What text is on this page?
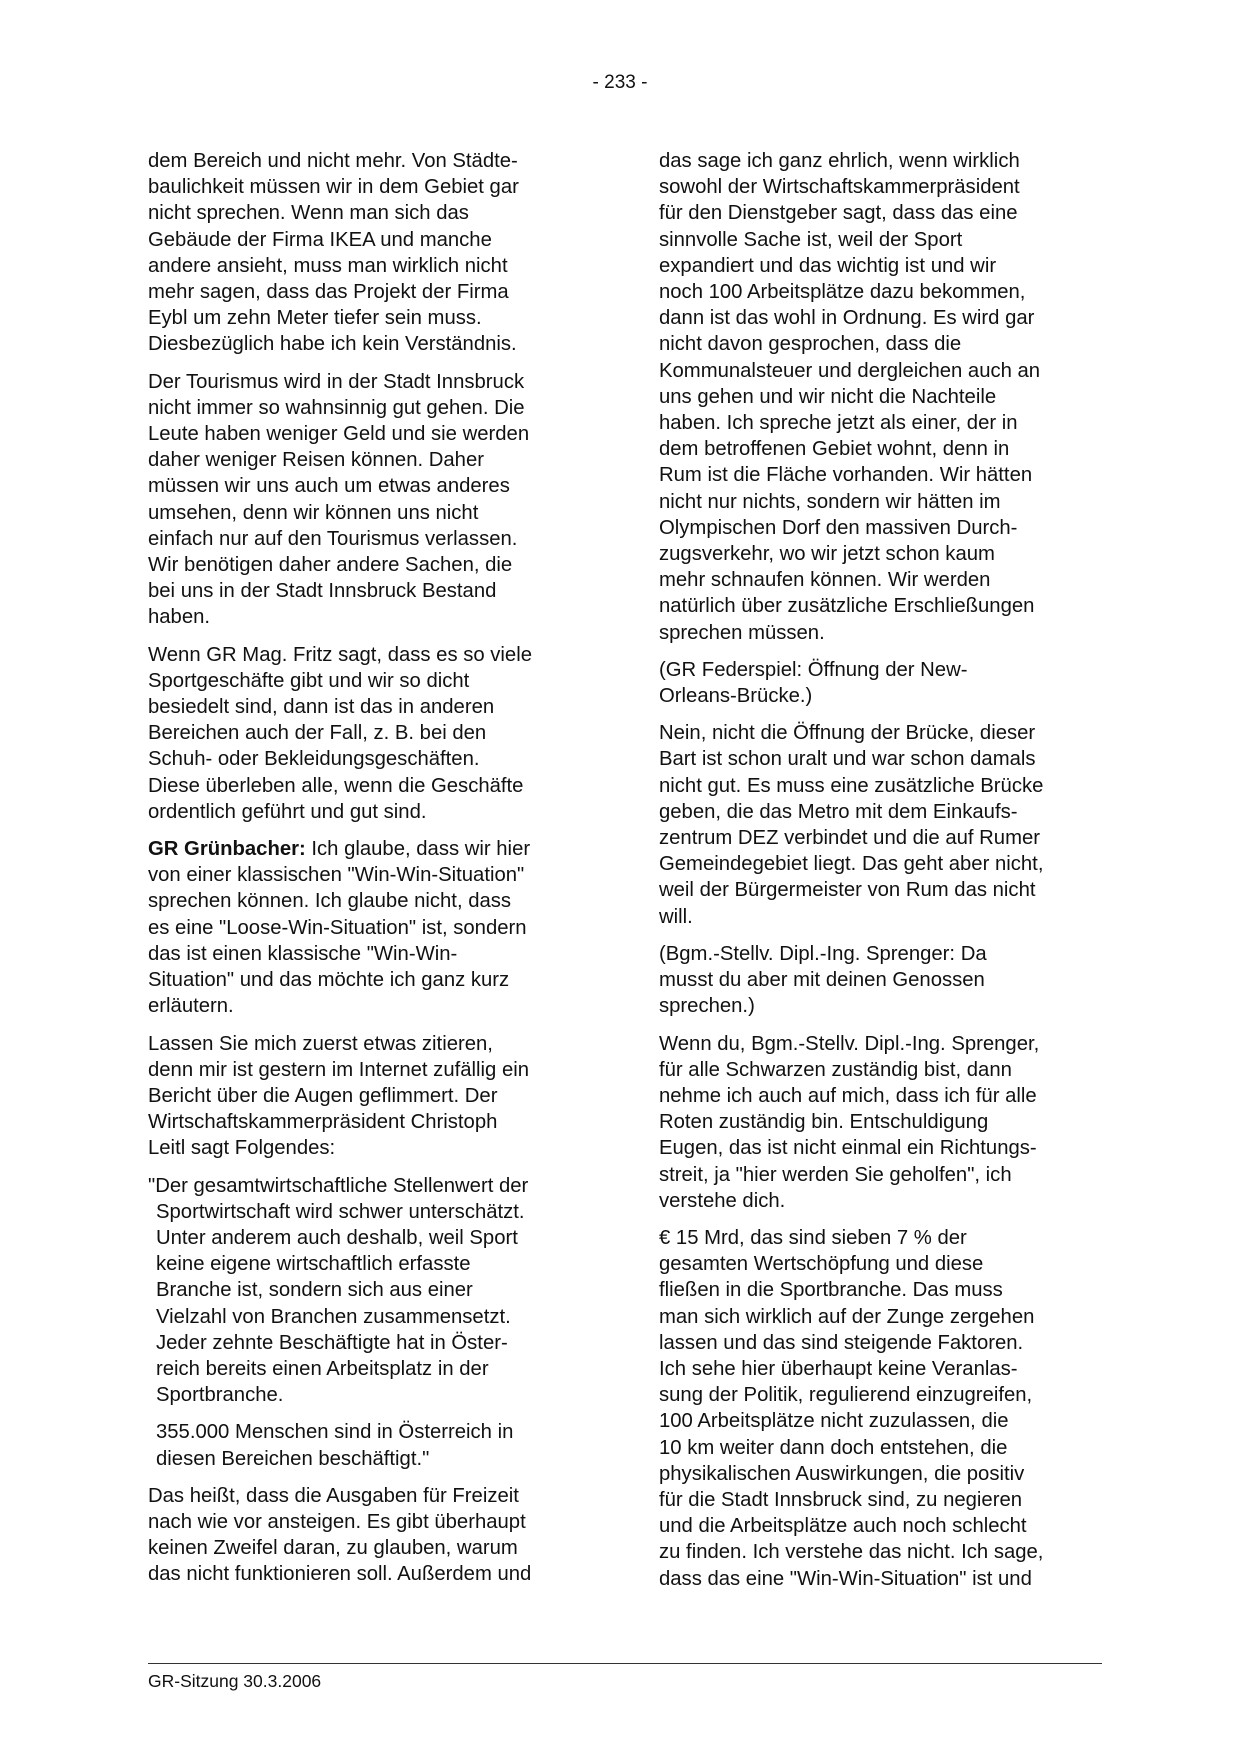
- 233 -

dem Bereich und nicht mehr. Von Städte-
baulichkeit müssen wir in dem Gebiet gar
nicht sprechen. Wenn man sich das
Gebäude der Firma IKEA und manche
andere ansieht, muss man wirklich nicht
mehr sagen, dass das Projekt der Firma
Eybl um zehn Meter tiefer sein muss.
Diesbezüglich habe ich kein Verständnis.

Der Tourismus wird in der Stadt Innsbruck
nicht immer so wahnsinnig gut gehen. Die
Leute haben weniger Geld und sie werden
daher weniger Reisen können. Daher
müssen wir uns auch um etwas anderes
umsehen, denn wir können uns nicht
einfach nur auf den Tourismus verlassen.
Wir benötigen daher andere Sachen, die
bei uns in der Stadt Innsbruck Bestand
haben.

Wenn GR Mag. Fritz sagt, dass es so viele
Sportgeschäfte gibt und wir so dicht
besiedelt sind, dann ist das in anderen
Bereichen auch der Fall, z. B. bei den
Schuh- oder Bekleidungsgeschäften.
Diese überleben alle, wenn die Geschäfte
ordentlich geführt und gut sind.

GR Grünbacher: Ich glaube, dass wir hier
von einer klassischen "Win-Win-Situation"
sprechen können. Ich glaube nicht, dass
es eine "Loose-Win-Situation" ist, sondern
das ist einen klassische "Win-Win-
Situation" und das möchte ich ganz kurz
erläutern.

Lassen Sie mich zuerst etwas zitieren,
denn mir ist gestern im Internet zufällig ein
Bericht über die Augen geflimmert. Der
Wirtschaftskammerpräsident Christoph
Leitl sagt Folgendes:

"Der gesamtwirtschaftliche Stellenwert der
Sportwirtschaft wird schwer unterschätzt.
Unter anderem auch deshalb, weil Sport
keine eigene wirtschaftlich erfasste
Branche ist, sondern sich aus einer
Vielzahl von Branchen zusammensetzt.
Jeder zehnte Beschäftigte hat in Öster-
reich bereits einen Arbeitsplatz in der
Sportbranche.

355.000 Menschen sind in Österreich in
diesen Bereichen beschäftigt."

Das heißt, dass die Ausgaben für Freizeit
nach wie vor ansteigen. Es gibt überhaupt
keinen Zweifel daran, zu glauben, warum
das nicht funktionieren soll. Außerdem und

das sage ich ganz ehrlich, wenn wirklich
sowohl der Wirtschaftskammerpräsident
für den Dienstgeber sagt, dass das eine
sinnvolle Sache ist, weil der Sport
expandiert und das wichtig ist und wir
noch 100 Arbeitsplätze dazu bekommen,
dann ist das wohl in Ordnung. Es wird gar
nicht davon gesprochen, dass die
Kommunalsteuer und dergleichen auch an
uns gehen und wir nicht die Nachteile
haben. Ich spreche jetzt als einer, der in
dem betroffenen Gebiet wohnt, denn in
Rum ist die Fläche vorhanden. Wir hätten
nicht nur nichts, sondern wir hätten im
Olympischen Dorf den massiven Durch-
zugsverkehr, wo wir jetzt schon kaum
mehr schnaufen können. Wir werden
natürlich über zusätzliche Erschließungen
sprechen müssen.

(GR Federspiel: Öffnung der New-
Orleans-Brücke.)

Nein, nicht die Öffnung der Brücke, dieser
Bart ist schon uralt und war schon damals
nicht gut. Es muss eine zusätzliche Brücke
geben, die das Metro mit dem Einkaufs-
zentrum DEZ verbindet und die auf Rumer
Gemeindegebiet liegt. Das geht aber nicht,
weil der Bürgermeister von Rum das nicht
will.

(Bgm.-Stellv. Dipl.-Ing. Sprenger: Da
musst du aber mit deinen Genossen
sprechen.)

Wenn du, Bgm.-Stellv. Dipl.-Ing. Sprenger,
für alle Schwarzen zuständig bist, dann
nehme ich auch auf mich, dass ich für alle
Roten zuständig bin. Entschuldigung
Eugen, das ist nicht einmal ein Richtungs-
streit, ja "hier werden Sie geholfen", ich
verstehe dich.

€ 15 Mrd, das sind sieben 7 % der
gesamten Wertschöpfung und diese
fließen in die Sportbranche. Das muss
man sich wirklich auf der Zunge zergehen
lassen und das sind steigende Faktoren.
Ich sehe hier überhaupt keine Veranlas-
sung der Politik, regulierend einzugreifen,
100 Arbeitsplätze nicht zuzulassen, die
10 km weiter dann doch entstehen, die
physikalischen Auswirkungen, die positiv
für die Stadt Innsbruck sind, zu negieren
und die Arbeitsplätze auch noch schlecht
zu finden. Ich verstehe das nicht. Ich sage,
dass das eine "Win-Win-Situation" ist und

GR-Sitzung 30.3.2006
